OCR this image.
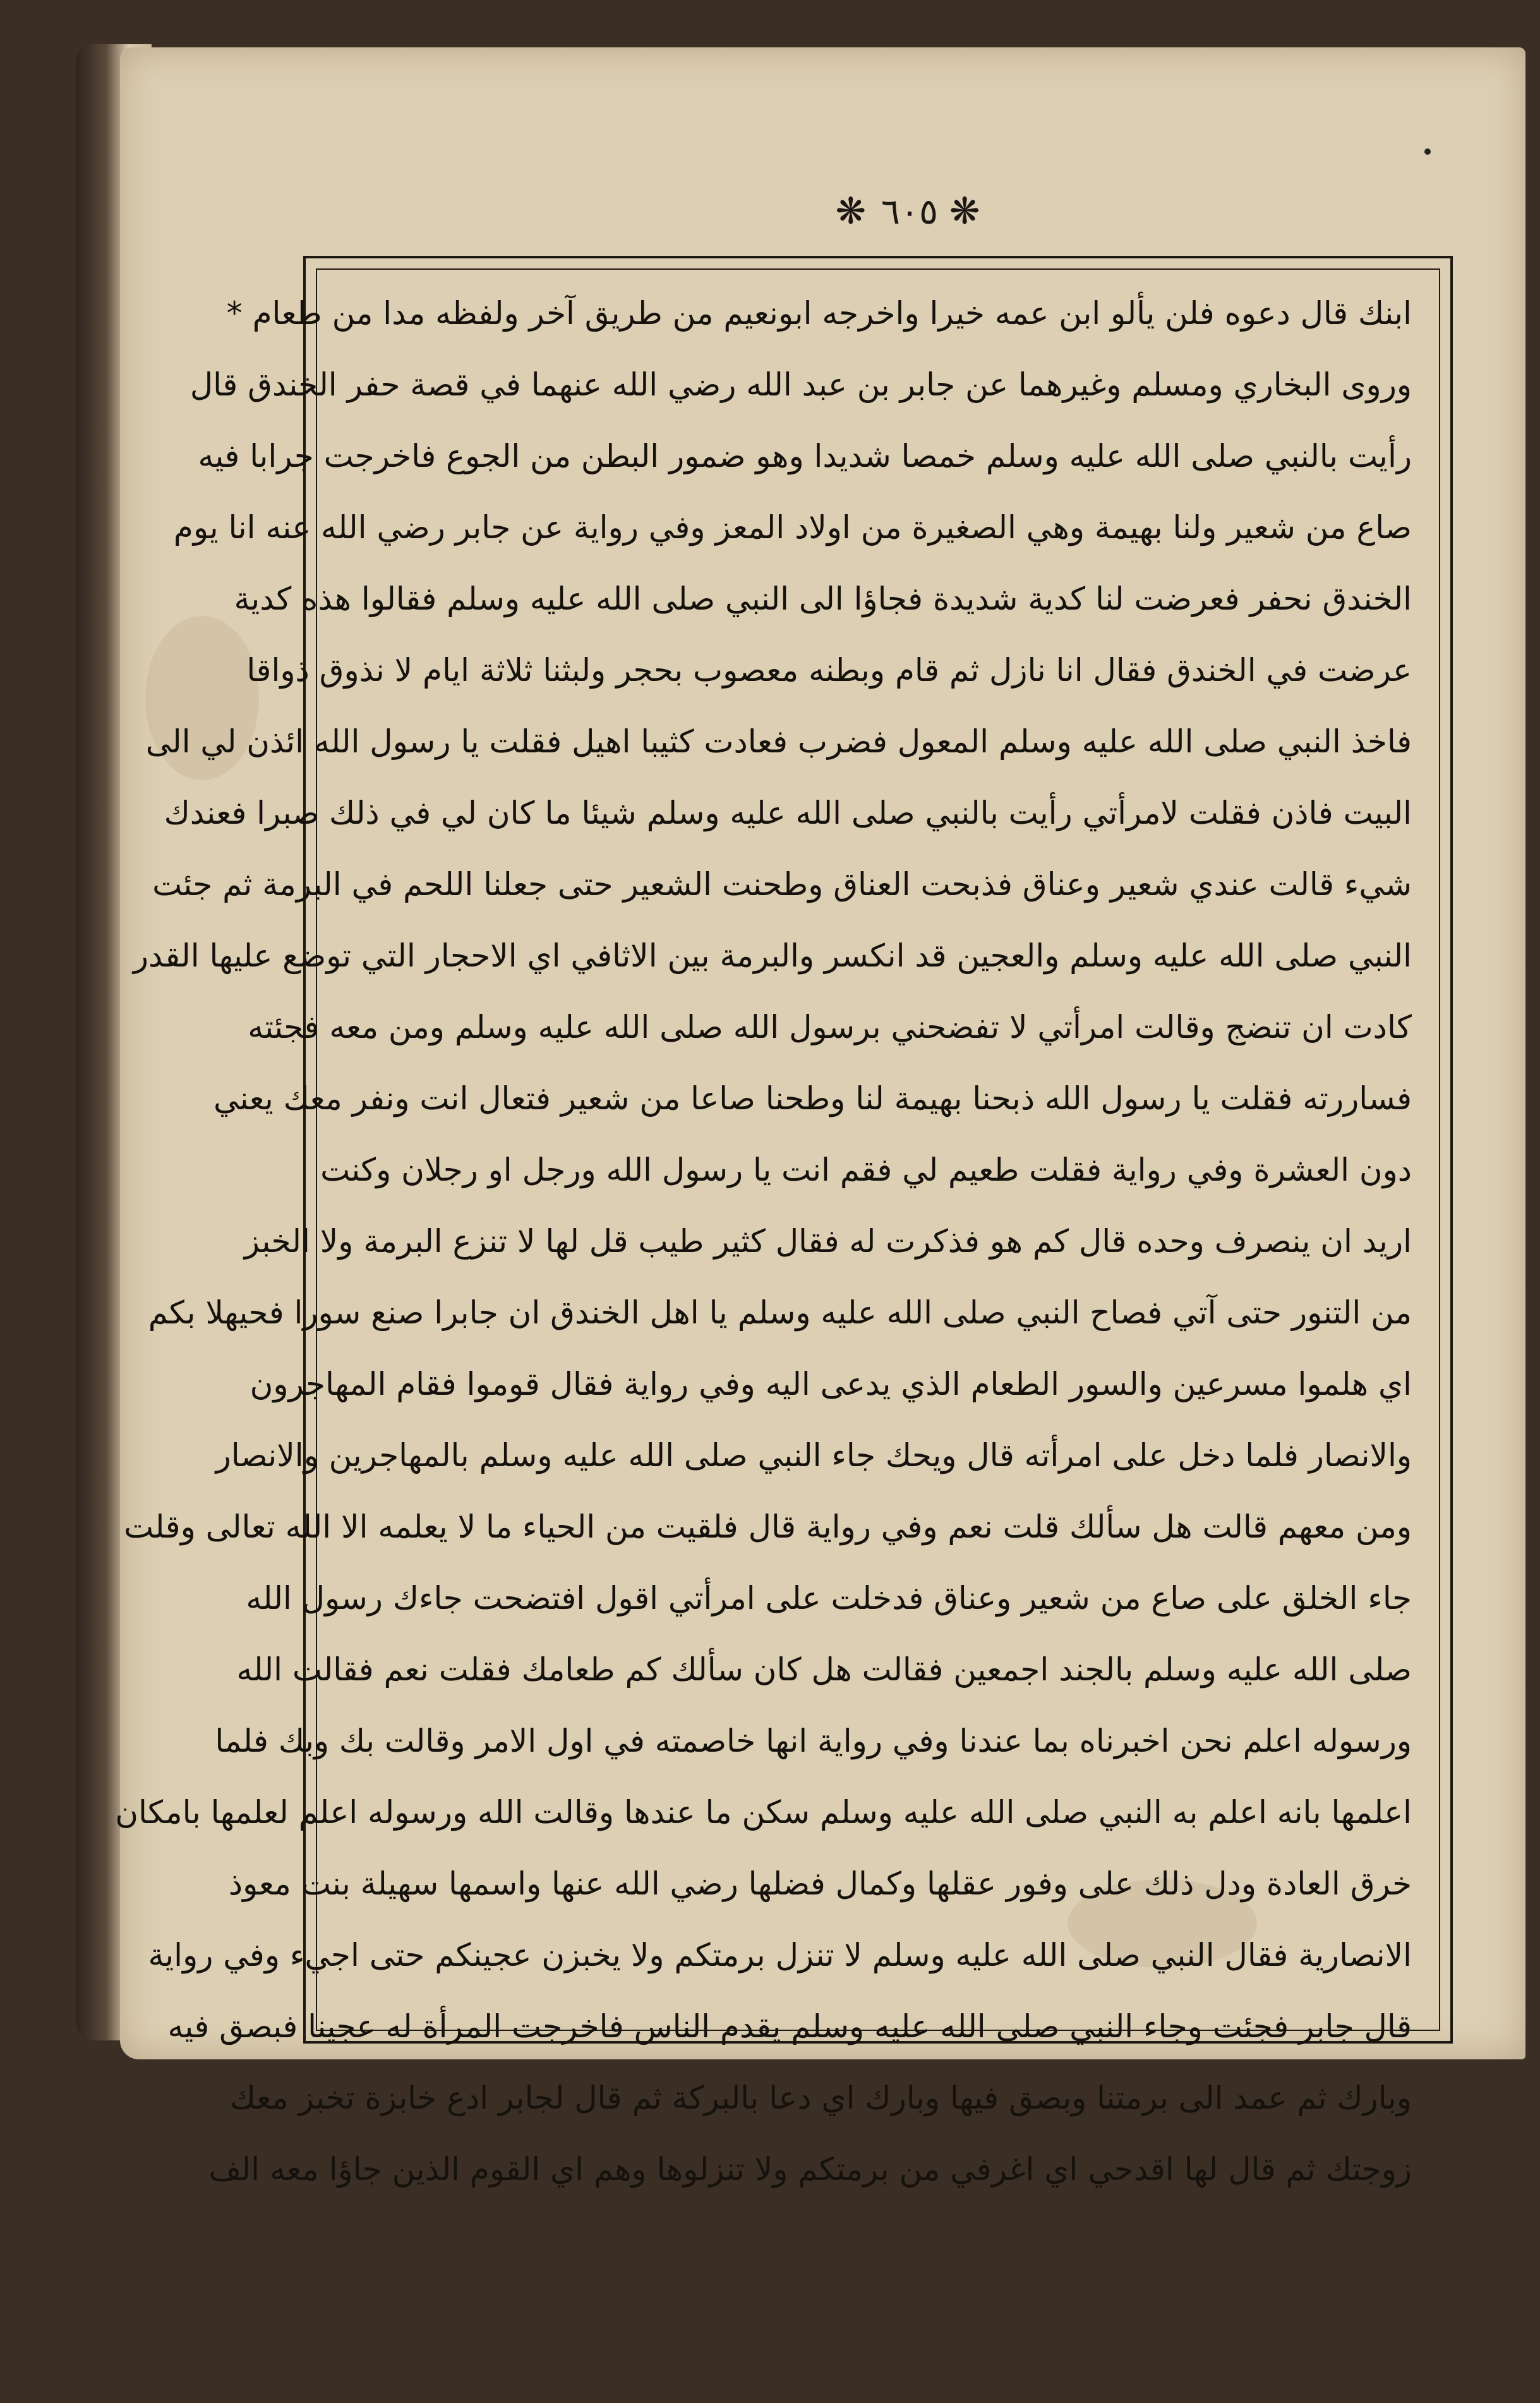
❋ ٦٠٥ ❋
ابنك قال دعوه فلن يألو ابن عمه خيرا واخرجه ابونعيم من طريق آخر ولفظه مدا من طعام *
وروى البخاري ومسلم وغيرهما عن جابر بن عبد الله رضي الله عنهما في قصة حفر الخندق قال
رأيت بالنبي صلى الله عليه وسلم خمصا شديدا وهو ضمور البطن من الجوع فاخرجت جرابا فيه
صاع من شعير ولنا بهيمة وهي الصغيرة من اولاد المعز وفي رواية عن جابر رضي الله عنه انا يوم
الخندق نحفر فعرضت لنا كدية شديدة فجاؤا الى النبي صلى الله عليه وسلم فقالوا هذه كدية
عرضت في الخندق فقال انا نازل ثم قام وبطنه معصوب بحجر ولبثنا ثلاثة ايام لا نذوق ذواقا
فاخذ النبي صلى الله عليه وسلم المعول فضرب فعادت كثيبا اهيل فقلت يا رسول الله ائذن لي الى
البيت فاذن فقلت لامرأتي رأيت بالنبي صلى الله عليه وسلم شيئا ما كان لي في ذلك صبرا فعندك
شيء قالت عندي شعير وعناق فذبحت العناق وطحنت الشعير حتى جعلنا اللحم في البرمة ثم جئت
النبي صلى الله عليه وسلم والعجين قد انكسر والبرمة بين الاثافي اي الاحجار التي توضع عليها القدر
كادت ان تنضج وقالت امرأتي لا تفضحني برسول الله صلى الله عليه وسلم ومن معه فجئته
فساررته فقلت يا رسول الله ذبحنا بهيمة لنا وطحنا صاعا من شعير فتعال انت ونفر معك يعني
دون العشرة وفي رواية فقلت طعيم لي فقم انت يا رسول الله ورجل او رجلان وكنت
اريد ان ينصرف وحده قال كم هو فذكرت له فقال كثير طيب قل لها لا تنزع البرمة ولا الخبز
من التنور حتى آتي فصاح النبي صلى الله عليه وسلم يا اهل الخندق ان جابرا صنع سورا فحيهلا بكم
اي هلموا مسرعين والسور الطعام الذي يدعى اليه وفي رواية فقال قوموا فقام المهاجرون
والانصار فلما دخل على امرأته قال ويحك جاء النبي صلى الله عليه وسلم بالمهاجرين والانصار
ومن معهم قالت هل سألك قلت نعم وفي رواية قال فلقيت من الحياء ما لا يعلمه الا الله تعالى وقلت
جاء الخلق على صاع من شعير وعناق فدخلت على امرأتي اقول افتضحت جاءك رسول الله
صلى الله عليه وسلم بالجند اجمعين فقالت هل كان سألك كم طعامك فقلت نعم فقالت الله
ورسوله اعلم نحن اخبرناه بما عندنا وفي رواية انها خاصمته في اول الامر وقالت بك وبك فلما
اعلمها بانه اعلم به النبي صلى الله عليه وسلم سكن ما عندها وقالت الله ورسوله اعلم لعلمها بامكان
خرق العادة ودل ذلك على وفور عقلها وكمال فضلها رضي الله عنها واسمها سهيلة بنت معوذ
الانصارية فقال النبي صلى الله عليه وسلم لا تنزل برمتكم ولا يخبزن عجينكم حتى اجيء وفي رواية
قال جابر فجئت وجاء النبي صلى الله عليه وسلم يقدم الناس فاخرجت المرأة له عجينا فبصق فيه
وبارك ثم عمد الى برمتنا وبصق فيها وبارك اي دعا بالبركة ثم قال لجابر ادع خابزة تخبز معك
زوجتك ثم قال لها اقدحي اي اغرفي من برمتكم ولا تنزلوها وهم اي القوم الذين جاؤا معه الف
